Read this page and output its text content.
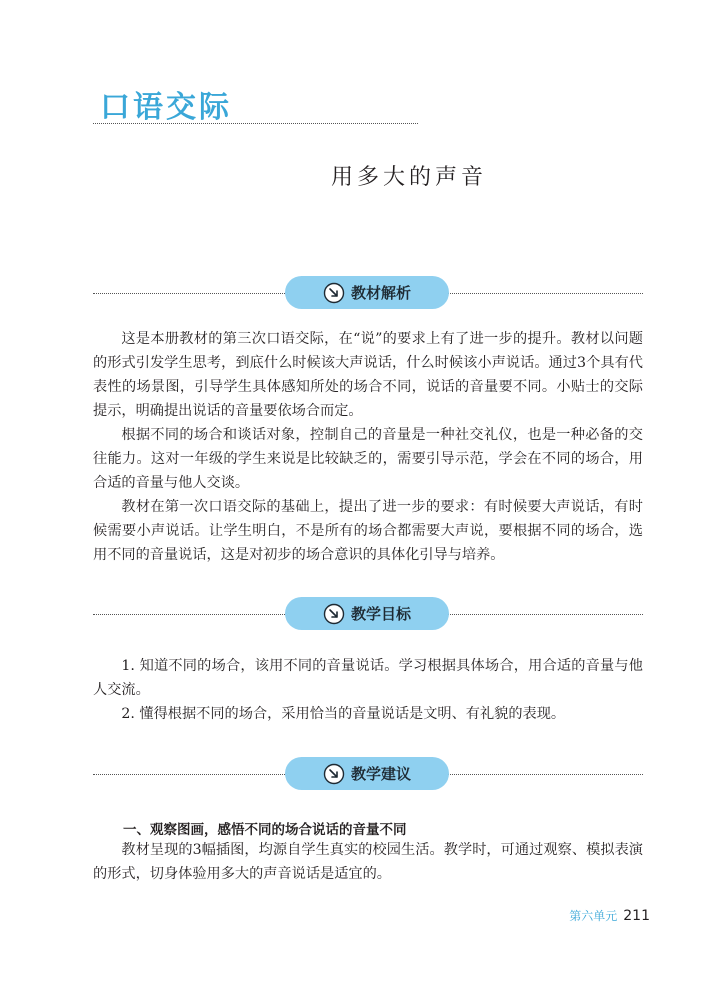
口语交际
用多大的声音
教材解析

这是本册教材的第三次口语交际，在“说”的要求上有了进一步的提升。教材以问题的形式引发学生思考，到底什么时候该大声说话，什么时候该小声说话。通过3个具有代表性的场景图，引导学生具体感知所处的场合不同，说话的音量要不同。小贴士的交际提示，明确提出说话的音量要依场合而定。

根据不同的场合和谈话对象，控制自己的音量是一种社交礼仪，也是一种必备的交往能力。这对一年级的学生来说是比较缺乏的，需要引导示范，学会在不同的场合，用合适的音量与他人交谈。

教材在第一次口语交际的基础上，提出了进一步的要求：有时候要大声说话，有时候需要小声说话。让学生明白，不是所有的场合都需要大声说，要根据不同的场合，选用不同的音量说话，这是对初步的场合意识的具体化引导与培养。

教学目标

1. 知道不同的场合，该用不同的音量说话。学习根据具体场合，用合适的音量与他人交流。

2. 懂得根据不同的场合，采用恰当的音量说话是文明、有礼貌的表现。

教学建议
一、观察图画，感悟不同的场合说话的音量不同

教材呈现的3幅插图，均源自学生真实的校园生活。教学时，可通过观察、模拟表演的形式，切身体验用多大的声音说话是适宜的。

第六单元 211
